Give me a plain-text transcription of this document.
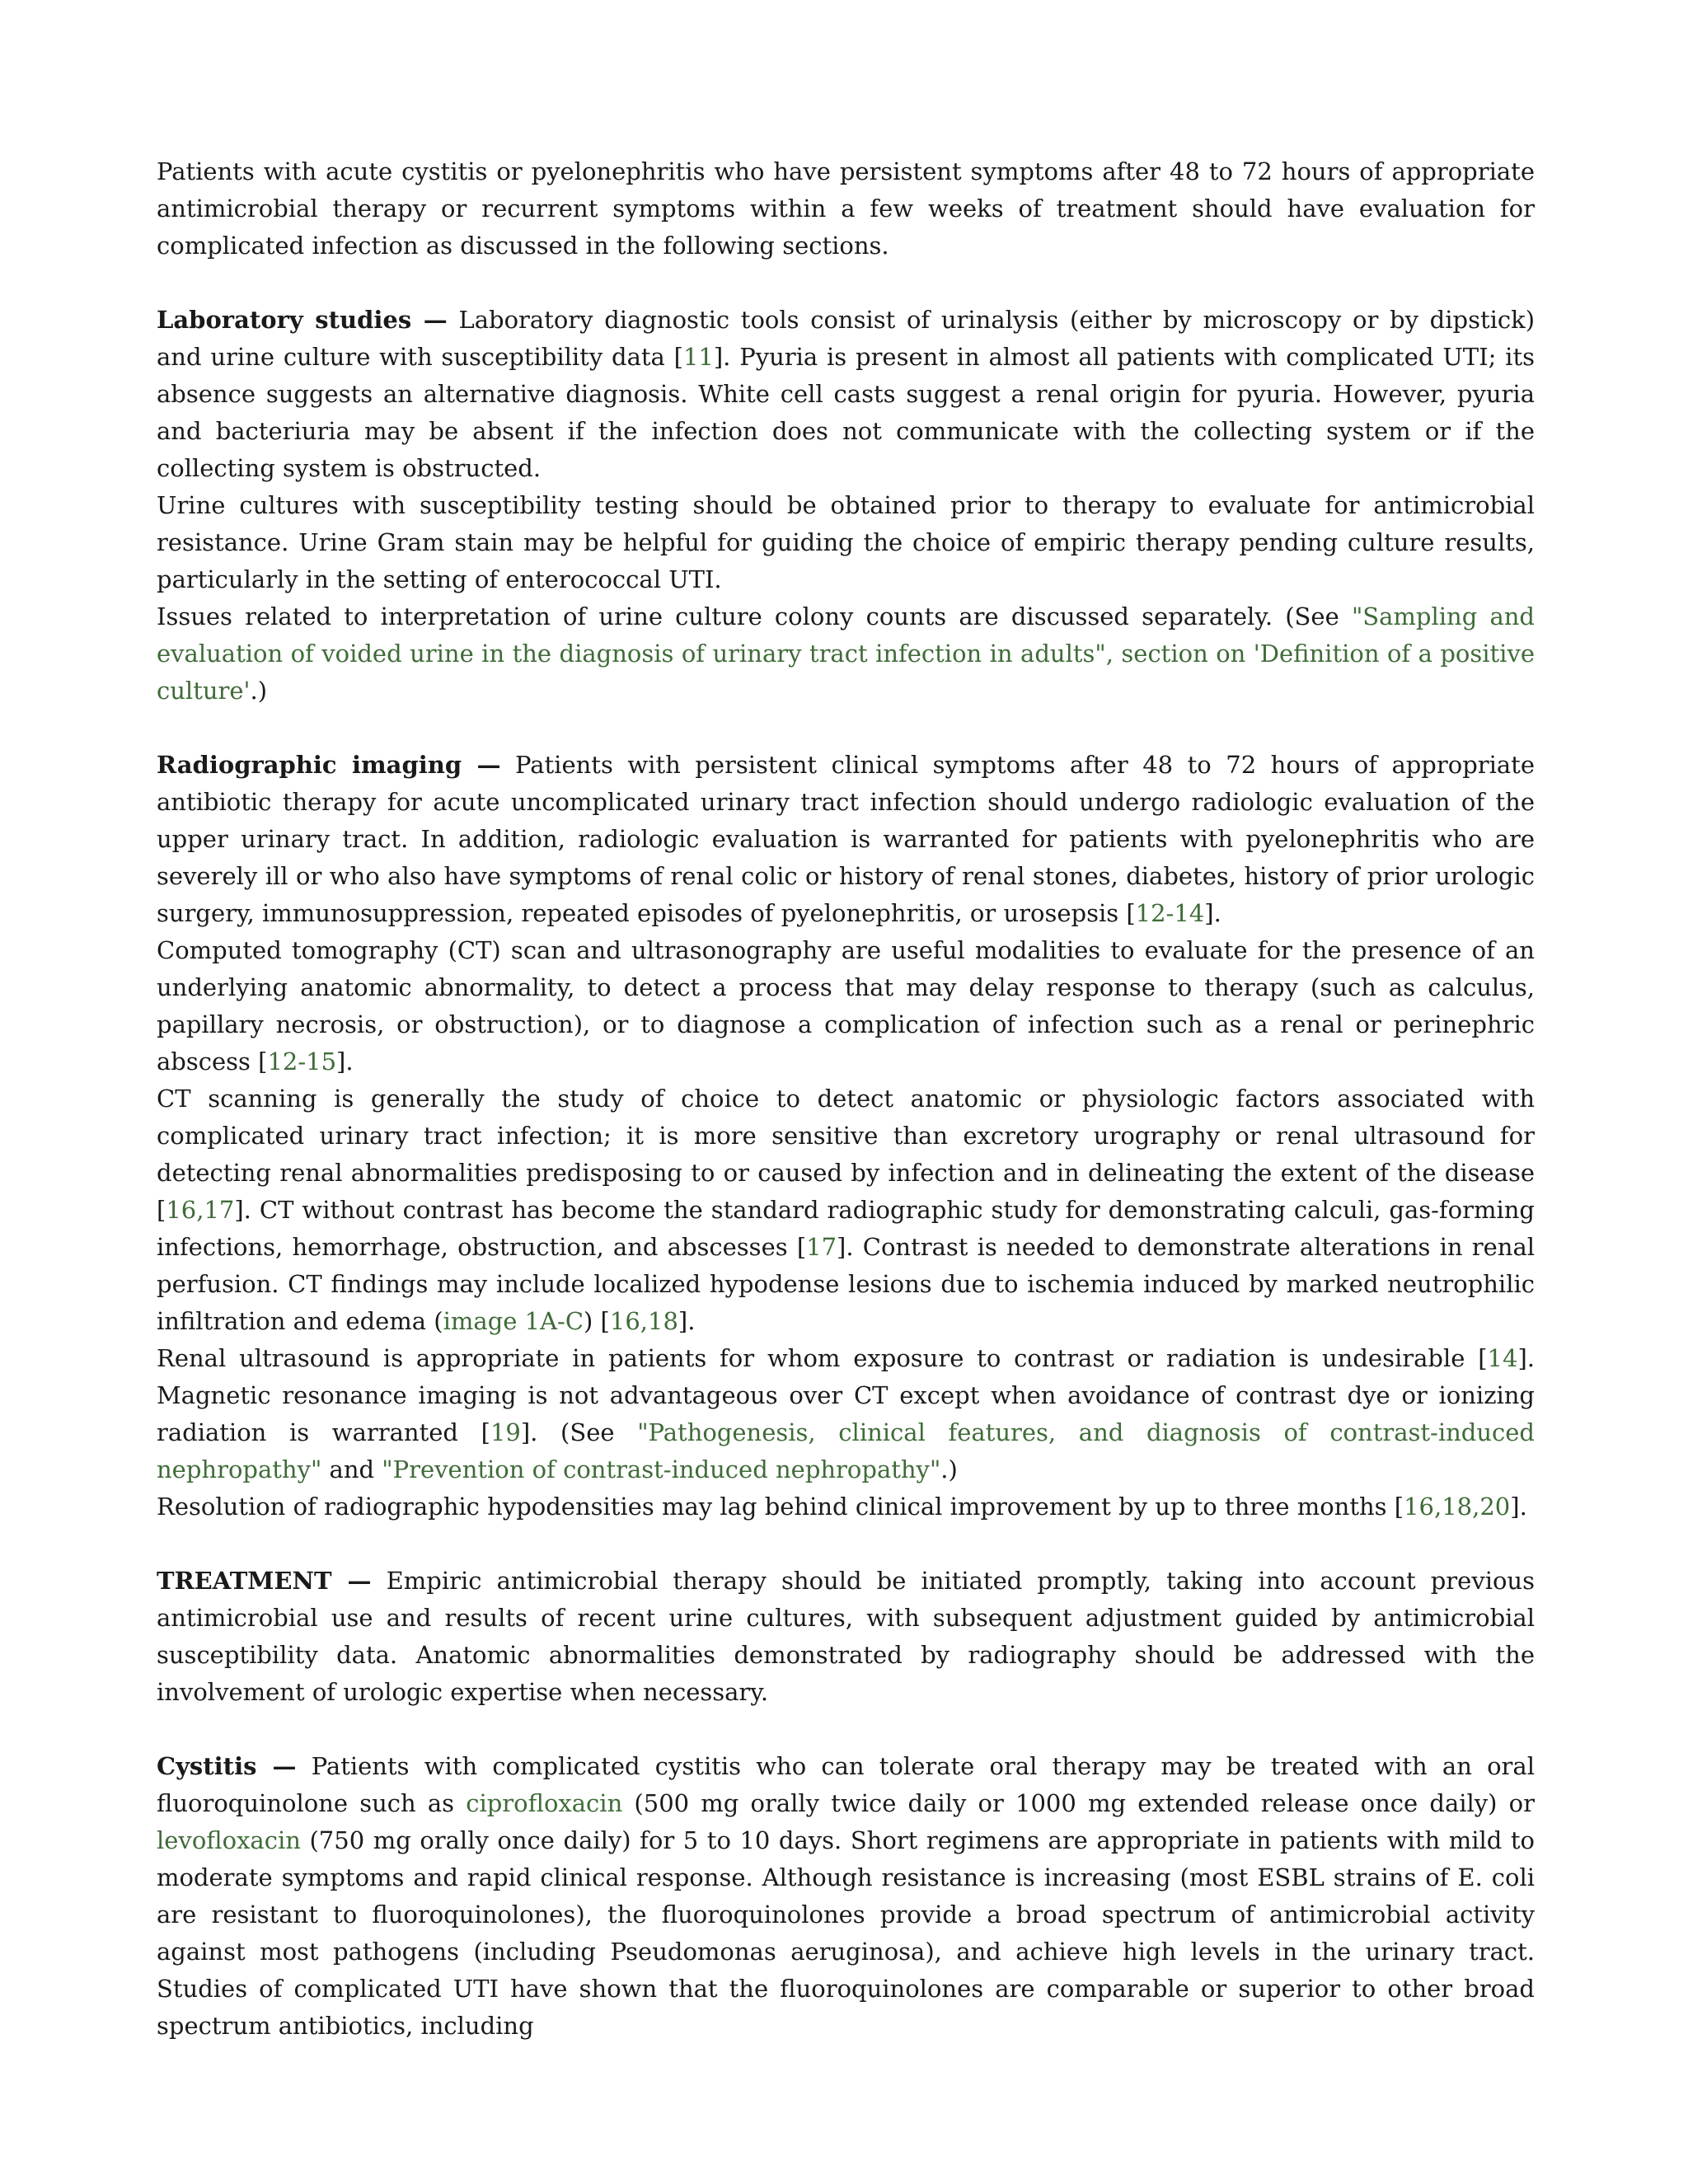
Patients with acute cystitis or pyelonephritis who have persistent symptoms after 48 to 72 hours of appropriate antimicrobial therapy or recurrent symptoms within a few weeks of treatment should have evaluation for complicated infection as discussed in the following sections.

Laboratory studies — Laboratory diagnostic tools consist of urinalysis (either by microscopy or by dipstick) and urine culture with susceptibility data [11]. Pyuria is present in almost all patients with complicated UTI; its absence suggests an alternative diagnosis. White cell casts suggest a renal origin for pyuria. However, pyuria and bacteriuria may be absent if the infection does not communicate with the collecting system or if the collecting system is obstructed.

Urine cultures with susceptibility testing should be obtained prior to therapy to evaluate for antimicrobial resistance. Urine Gram stain may be helpful for guiding the choice of empiric therapy pending culture results, particularly in the setting of enterococcal UTI.

Issues related to interpretation of urine culture colony counts are discussed separately. (See "Sampling and evaluation of voided urine in the diagnosis of urinary tract infection in adults", section on 'Definition of a positive culture'.)

Radiographic imaging — Patients with persistent clinical symptoms after 48 to 72 hours of appropriate antibiotic therapy for acute uncomplicated urinary tract infection should undergo radiologic evaluation of the upper urinary tract. In addition, radiologic evaluation is warranted for patients with pyelonephritis who are severely ill or who also have symptoms of renal colic or history of renal stones, diabetes, history of prior urologic surgery, immunosuppression, repeated episodes of pyelonephritis, or urosepsis [12-14].

Computed tomography (CT) scan and ultrasonography are useful modalities to evaluate for the presence of an underlying anatomic abnormality, to detect a process that may delay response to therapy (such as calculus, papillary necrosis, or obstruction), or to diagnose a complication of infection such as a renal or perinephric abscess [12-15].

CT scanning is generally the study of choice to detect anatomic or physiologic factors associated with complicated urinary tract infection; it is more sensitive than excretory urography or renal ultrasound for detecting renal abnormalities predisposing to or caused by infection and in delineating the extent of the disease [16,17]. CT without contrast has become the standard radiographic study for demonstrating calculi, gas-forming infections, hemorrhage, obstruction, and abscesses [17]. Contrast is needed to demonstrate alterations in renal perfusion. CT findings may include localized hypodense lesions due to ischemia induced by marked neutrophilic infiltration and edema (image 1A-C) [16,18].

Renal ultrasound is appropriate in patients for whom exposure to contrast or radiation is undesirable [14]. Magnetic resonance imaging is not advantageous over CT except when avoidance of contrast dye or ionizing radiation is warranted [19]. (See "Pathogenesis, clinical features, and diagnosis of contrast-induced nephropathy" and "Prevention of contrast-induced nephropathy".)

Resolution of radiographic hypodensities may lag behind clinical improvement by up to three months [16,18,20].

TREATMENT — Empiric antimicrobial therapy should be initiated promptly, taking into account previous antimicrobial use and results of recent urine cultures, with subsequent adjustment guided by antimicrobial susceptibility data. Anatomic abnormalities demonstrated by radiography should be addressed with the involvement of urologic expertise when necessary.

Cystitis — Patients with complicated cystitis who can tolerate oral therapy may be treated with an oral fluoroquinolone such as ciprofloxacin (500 mg orally twice daily or 1000 mg extended release once daily) or levofloxacin (750 mg orally once daily) for 5 to 10 days. Short regimens are appropriate in patients with mild to moderate symptoms and rapid clinical response. Although resistance is increasing (most ESBL strains of E. coli are resistant to fluoroquinolones), the fluoroquinolones provide a broad spectrum of antimicrobial activity against most pathogens (including Pseudomonas aeruginosa), and achieve high levels in the urinary tract. Studies of complicated UTI have shown that the fluoroquinolones are comparable or superior to other broad spectrum antibiotics, including
